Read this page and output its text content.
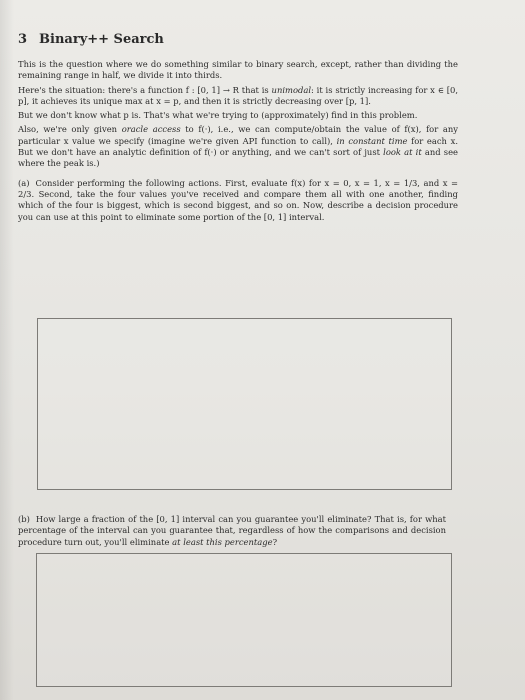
3 Binary++ Search

This is the question where we do something similar to binary search, except, rather than dividing the remaining range in half, we divide it into thirds.

Here's the situation: there's a function f : [0, 1] → R that is unimodal: it is strictly increasing for x ∈ [0, p], it achieves its unique max at x = p, and then it is strictly decreasing over [p, 1].

But we don't know what p is. That's what we're trying to (approximately) find in this problem.

Also, we're only given oracle access to f(·), i.e., we can compute/obtain the value of f(x), for any particular x value we specify (imagine we're given API function to call), in constant time for each x. But we don't have an analytic definition of f(·) or anything, and we can't sort of just look at it and see where the peak is.)

(a) Consider performing the following actions. First, evaluate f(x) for x = 0, x = 1, x = 1/3, and x = 2/3. Second, take the four values you've received and compare them all with one another, finding which of the four is biggest, which is second biggest, and so on. Now, describe a decision procedure you can use at this point to eliminate some portion of the [0, 1] interval.

(b) How large a fraction of the [0, 1] interval can you guarantee you'll eliminate? That is, for what percentage of the interval can you guarantee that, regardless of how the comparisons and decision procedure turn out, you'll eliminate at least this percentage?
